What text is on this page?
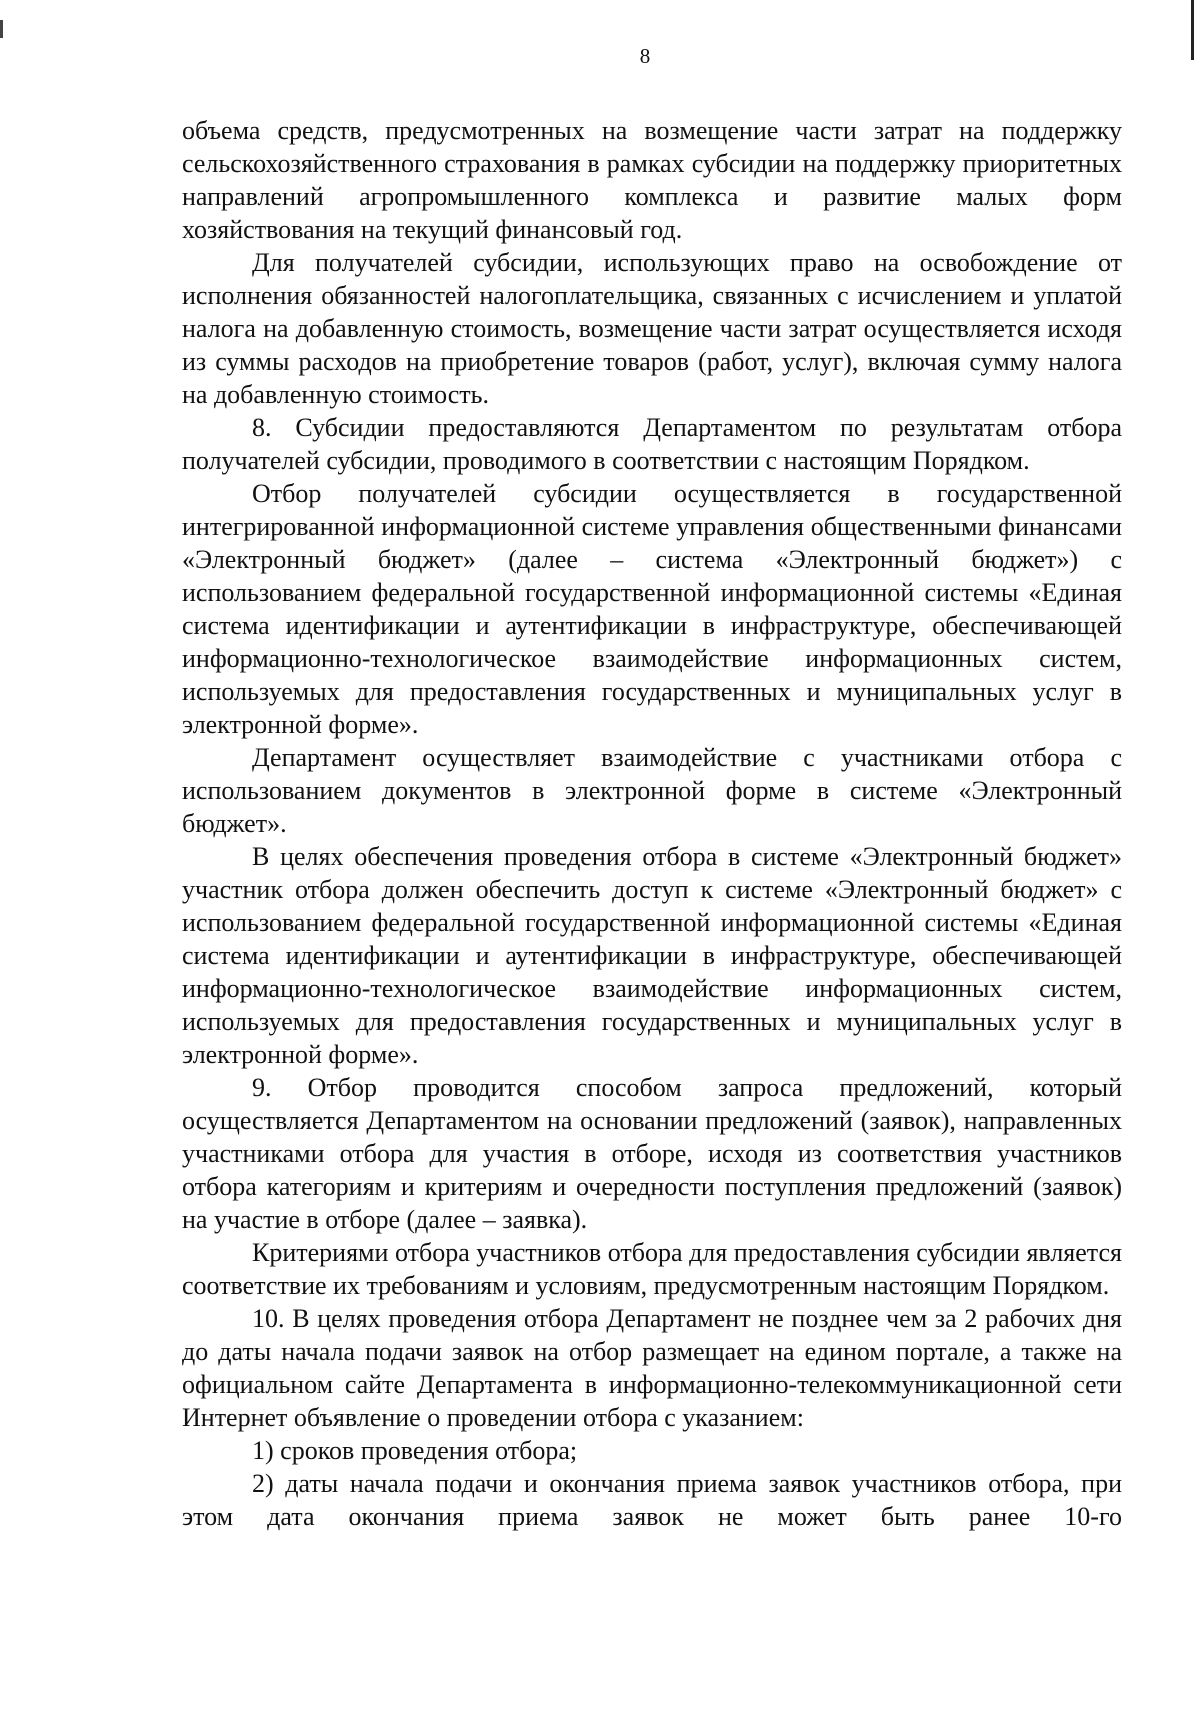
8

объема средств, предусмотренных на возмещение части затрат на поддержку сельскохозяйственного страхования в рамках субсидии на поддержку приоритетных направлений агропромышленного комплекса и развитие малых форм хозяйствования на текущий финансовый год.

Для получателей субсидии, использующих право на освобождение от исполнения обязанностей налогоплательщика, связанных с исчислением и уплатой налога на добавленную стоимость, возмещение части затрат осуществляется исходя из суммы расходов на приобретение товаров (работ, услуг), включая сумму налога на добавленную стоимость.

8. Субсидии предоставляются Департаментом по результатам отбора получателей субсидии, проводимого в соответствии с настоящим Порядком.

Отбор получателей субсидии осуществляется в государственной интегрированной информационной системе управления общественными финансами «Электронный бюджет» (далее – система «Электронный бюджет») с использованием федеральной государственной информационной системы «Единая система идентификации и аутентификации в инфраструктуре, обеспечивающей информационно-технологическое взаимодействие информационных систем, используемых для предоставления государственных и муниципальных услуг в электронной форме».

Департамент осуществляет взаимодействие с участниками отбора с использованием документов в электронной форме в системе «Электронный бюджет».

В целях обеспечения проведения отбора в системе «Электронный бюджет» участник отбора должен обеспечить доступ к системе «Электронный бюджет» с использованием федеральной государственной информационной системы «Единая система идентификации и аутентификации в инфраструктуре, обеспечивающей информационно-технологическое взаимодействие информационных систем, используемых для предоставления государственных и муниципальных услуг в электронной форме».

9. Отбор проводится способом запроса предложений, который осуществляется Департаментом на основании предложений (заявок), направленных участниками отбора для участия в отборе, исходя из соответствия участников отбора категориям и критериям и очередности поступления предложений (заявок) на участие в отборе (далее – заявка).

Критериями отбора участников отбора для предоставления субсидии является соответствие их требованиям и условиям, предусмотренным настоящим Порядком.

10. В целях проведения отбора Департамент не позднее чем за 2 рабочих дня до даты начала подачи заявок на отбор размещает на едином портале, а также на официальном сайте Департамента в информационно-телекоммуникационной сети Интернет объявление о проведении отбора с указанием:

1) сроков проведения отбора;

2) даты начала подачи и окончания приема заявок участников отбора, при этом дата окончания приема заявок не может быть ранее 10-го
